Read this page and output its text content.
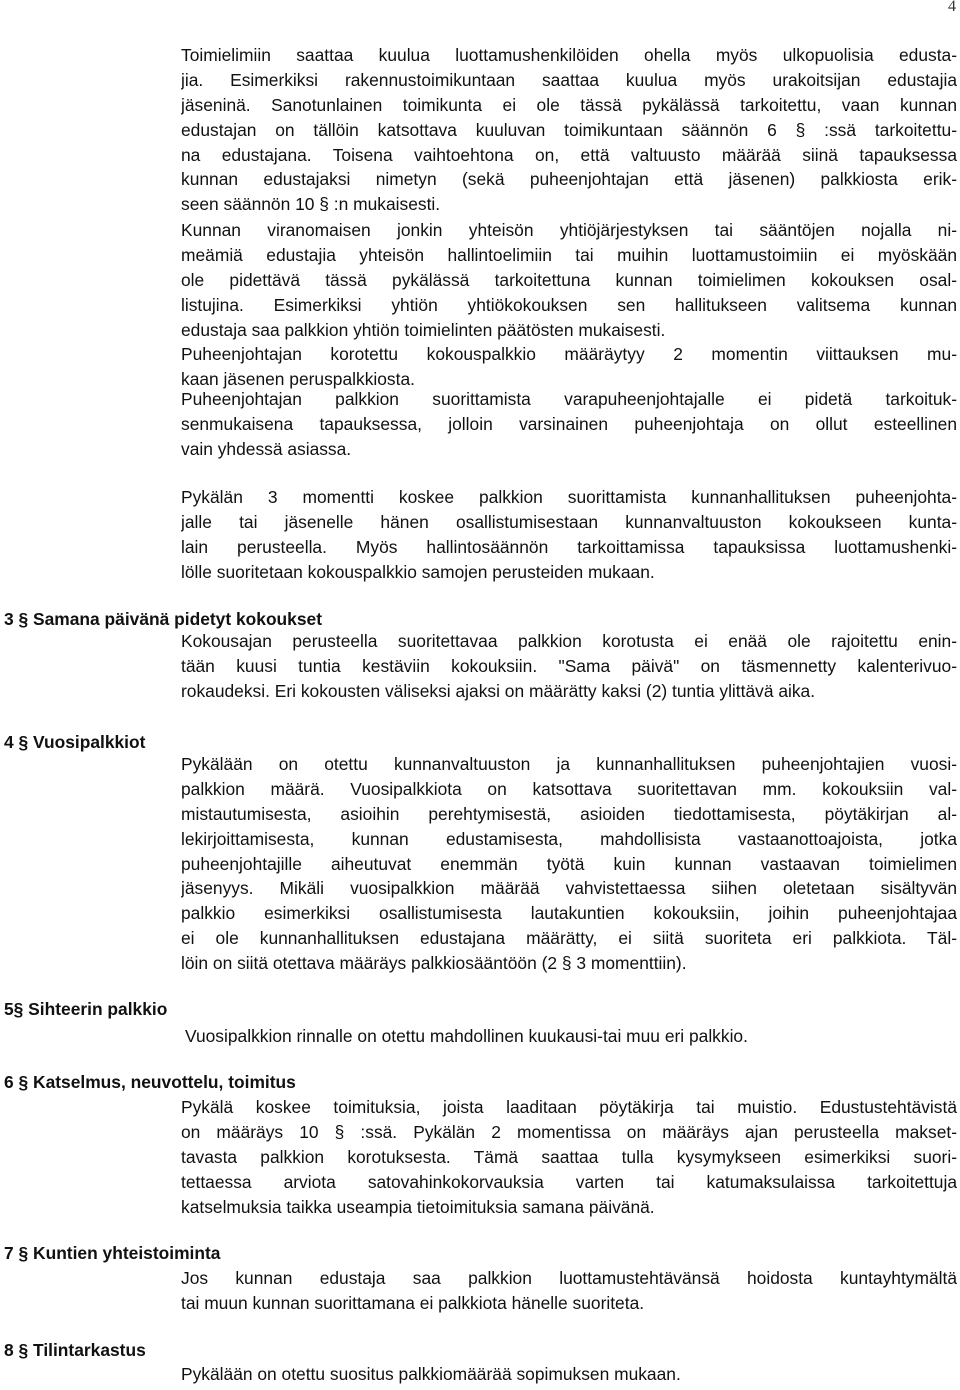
4
Toimielimiin saattaa kuulua luottamushenkilöiden ohella myös ulkopuolisia edusta-
jia. Esimerkiksi rakennustoimikuntaan saattaa kuulua myös urakoitsijan edustajia
jäseninä. Sanotunlainen toimikunta ei ole tässä pykälässä tarkoitettu, vaan kunnan
edustajan on tällöin katsottava kuuluvan toimikuntaan säännön 6 § :ssä tarkoitettu-
na edustajana. Toisena vaihtoehtona on, että valtuusto määrää siinä tapauksessa
kunnan edustajaksi nimetyn (sekä puheenjohtajan että jäsenen) palkkiosta erik-
seen säännön 10 § :n mukaisesti.
Kunnan viranomaisen jonkin yhteisön yhtiöjärjestyksen tai sääntöjen nojalla ni-
meämiä edustajia yhteisön hallintoelimiin tai muihin luottamustoimiin ei myöskään
ole pidettävä tässä pykälässä tarkoitettuna kunnan toimielimen kokouksen osal-
listujina. Esimerkiksi yhtiön yhtiökokouksen sen hallitukseen valitsema kunnan
edustaja saa palkkion yhtiön toimielinten päätösten mukaisesti.
Puheenjohtajan korotettu kokouspalkkio määräytyy 2 momentin viittauksen mu-
kaan jäsenen peruspalkkiosta.
Puheenjohtajan palkkion suorittamista varapuheenjohtajalle ei pidetä tarkoituk-
senmukaisena tapauksessa, jolloin varsinainen puheenjohtaja on ollut esteellinen
vain yhdessä asiassa.
Pykälän 3 momentti koskee palkkion suorittamista kunnanhallituksen puheenjohta-
jalle tai jäsenelle hänen osallistumisestaan kunnanvaltuuston kokoukseen kunta-
lain perusteella. Myös hallintosäännön tarkoittamissa tapauksissa luottamushenki-
lölle suoritetaan kokouspalkkio samojen perusteiden mukaan.
3 § Samana päivänä pidetyt kokoukset
Kokousajan perusteella suoritettavaa palkkion korotusta ei enää ole rajoitettu enin-
tään kuusi tuntia kestäviin kokouksiin. "Sama päivä" on täsmennetty kalenterivuo-
rokaudeksi. Eri kokousten väliseksi ajaksi on määrätty kaksi (2) tuntia ylittävä aika.
4 § Vuosipalkkiot
Pykälään on otettu kunnanvaltuuston ja kunnanhallituksen puheenjohtajien vuosi-
palkkion määrä. Vuosipalkkiota on katsottava suoritettavan mm. kokouksiin val-
mistautumisesta, asioihin perehtymisestä, asioiden tiedottamisesta, pöytäkirjan al-
lekirjoittamisesta, kunnan edustamisesta, mahdollisista vastaanottoajoista, jotka
puheenjohtajille aiheutuvat enemmän työtä kuin kunnan vastaavan toimielimen
jäsenyys. Mikäli vuosipalkkion määrää vahvistettaessa siihen oletetaan sisältyvän
palkkio esimerkiksi osallistumisesta lautakuntien kokouksiin, joihin puheenjohtajaa
ei ole kunnanhallituksen edustajana määrätty, ei siitä suoriteta eri palkkiota. Täl-
löin on siitä otettava määräys palkkiosääntöön (2 § 3 momenttiin).
5§ Sihteerin palkkio
Vuosipalkkion rinnalle on otettu mahdollinen kuukausi-tai muu eri palkkio.
6 § Katselmus, neuvottelu, toimitus
Pykälä koskee toimituksia, joista laaditaan pöytäkirja tai muistio. Edustustehtävistä
on määräys 10 § :ssä. Pykälän 2 momentissa on määräys ajan perusteella makset-
tavasta palkkion korotuksesta. Tämä saattaa tulla kysymykseen esimerkiksi suori-
tettaessa arviota satovahinkokorvauksia varten tai katumaksulaissa tarkoitettuja
katselmuksia taikka useampia tietoimituksia samana päivänä.
7 § Kuntien yhteistoiminta
Jos kunnan edustaja saa palkkion luottamustehtävänsä hoidosta kuntayhtymältä
tai muun kunnan suorittamana ei palkkiota hänelle suoriteta.
8 § Tilintarkastus
Pykälään on otettu suositus palkkiomäärää sopimuksen mukaan.
